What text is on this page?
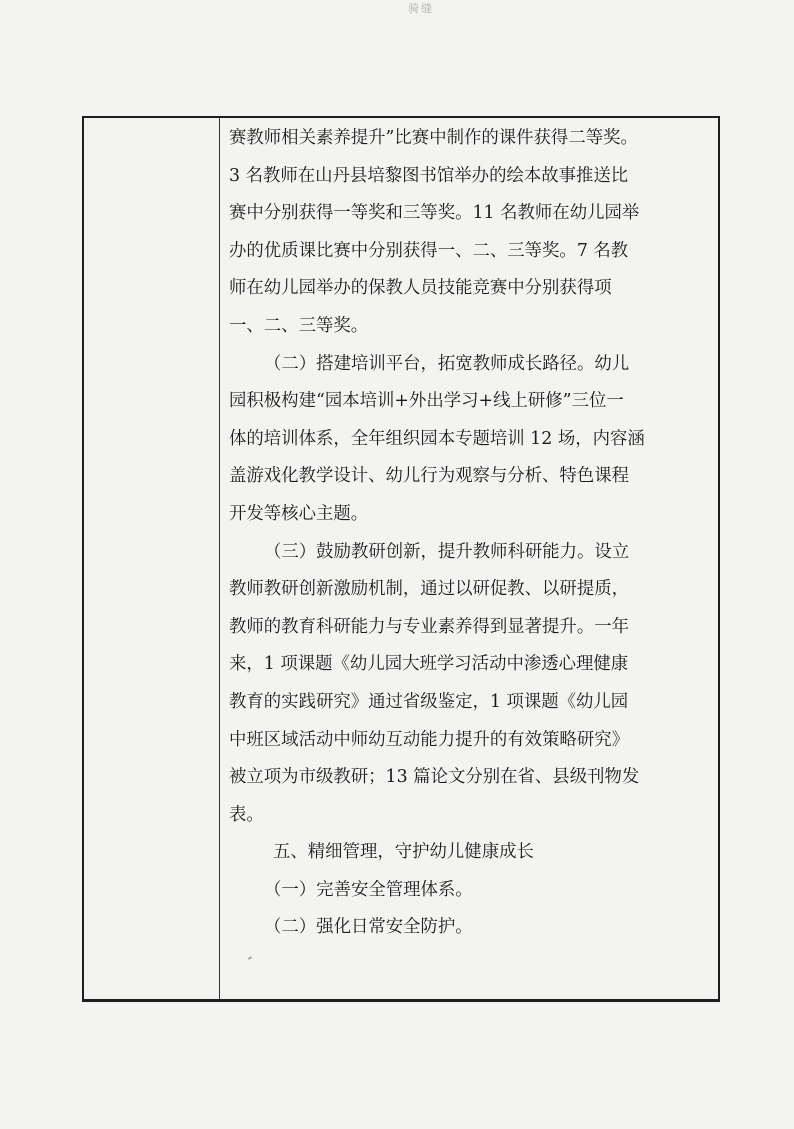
骑缝

赛教师相关素养提升”比赛中制作的课件获得二等奖。

3 名教师在山丹县培黎图书馆举办的绘本故事推送比

赛中分别获得一等奖和三等奖。11 名教师在幼儿园举

办的优质课比赛中分别获得一、二、三等奖。7 名教

师在幼儿园举办的保教人员技能竞赛中分别获得项

一、二、三等奖。

（二）搭建培训平台，拓宽教师成长路径。幼儿

园积极构建“园本培训+外出学习+线上研修”三位一

体的培训体系，全年组织园本专题培训 12 场，内容涵

盖游戏化教学设计、幼儿行为观察与分析、特色课程

开发等核心主题。

（三）鼓励教研创新，提升教师科研能力。设立

教师教研创新激励机制，通过以研促教、以研提质，

教师的教育科研能力与专业素养得到显著提升。一年

来，1 项课题《幼儿园大班学习活动中渗透心理健康

教育的实践研究》通过省级鉴定，1 项课题《幼儿园

中班区域活动中师幼互动能力提升的有效策略研究》

被立项为市级教研；13 篇论文分别在省、县级刊物发

表。

五、精细管理，守护幼儿健康成长

（一）完善安全管理体系。

（二）强化日常安全防护。
